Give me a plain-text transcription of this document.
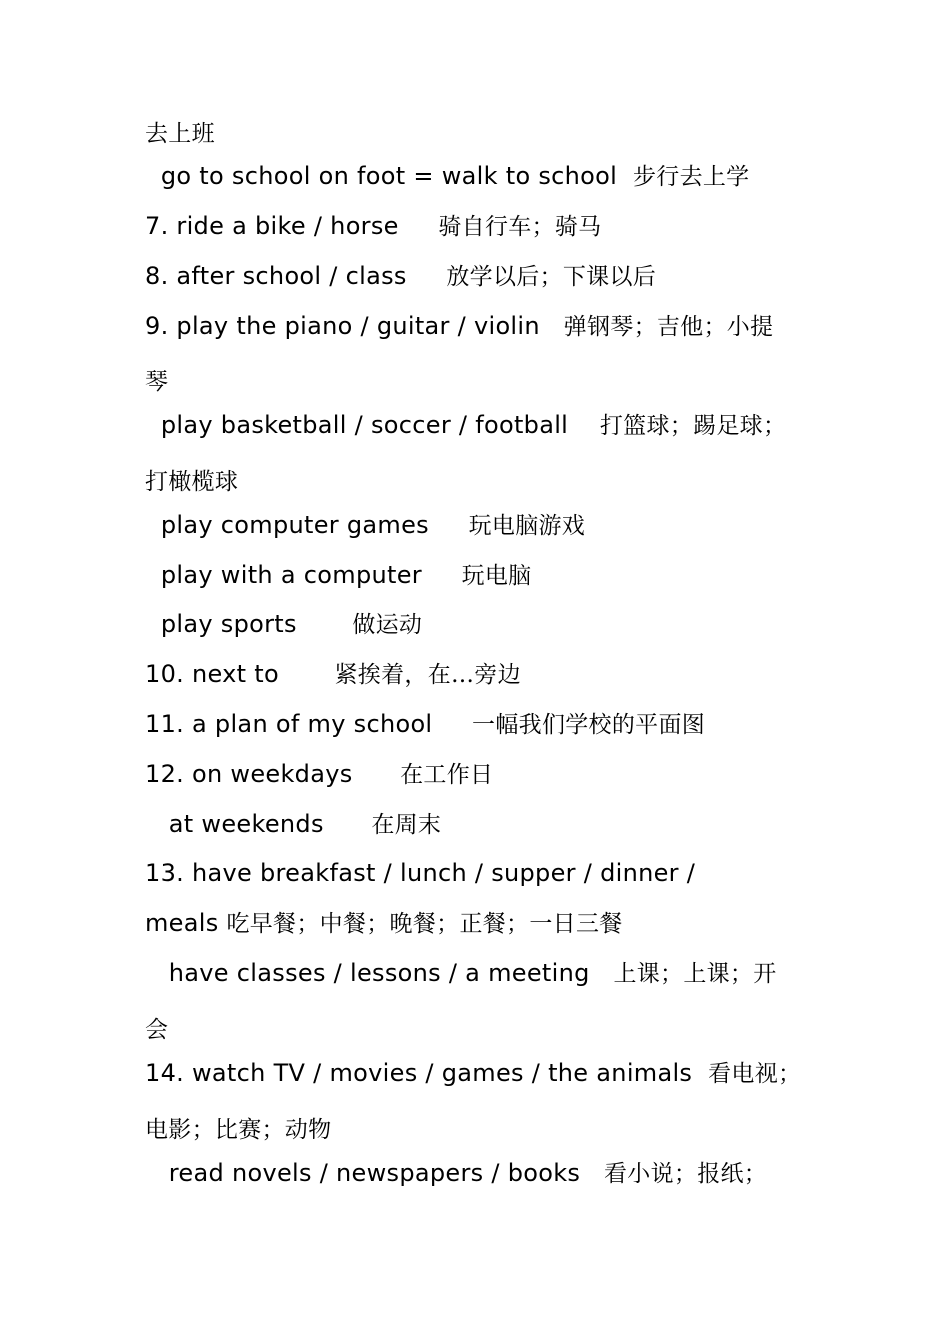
去上班
go to school on foot = walk to school  步行去上学
7. ride a bike / horse     骑自行车；骑马
8. after school / class     放学以后；下课以后
9. play the piano / guitar / violin   弹钢琴；吉他；小提
琴
play basketball / soccer / football    打篮球；踢足球；
打橄榄球
play computer games     玩电脑游戏
play with a computer     玩电脑
play sports       做运动
10. next to       紧挨着，在…旁边
11. a plan of my school     一幅我们学校的平面图
12. on weekdays      在工作日
at weekends      在周末
13. have breakfast / lunch / supper / dinner /
meals 吃早餐；中餐；晚餐；正餐；一日三餐
have classes / lessons / a meeting   上课；上课；开
会
14. watch TV / movies / games / the animals  看电视；
电影；比赛；动物
read novels / newspapers / books   看小说；报纸；
